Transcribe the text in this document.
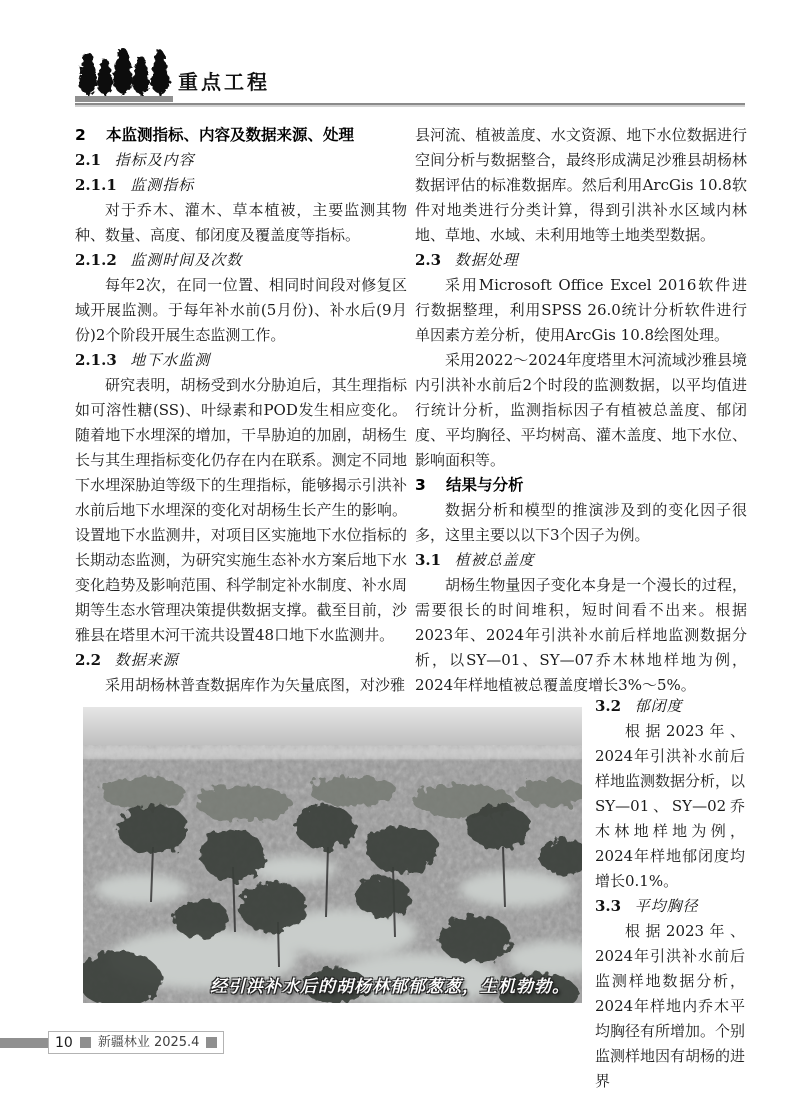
重点工程
2 本监测指标、内容及数据来源、处理
2.1 指标及内容
2.1.1 监测指标

对于乔木、灌木、草本植被，主要监测其物种、数量、高度、郁闭度及覆盖度等指标。

2.1.2 监测时间及次数

每年2次，在同一位置、相同时间段对修复区域开展监测。于每年补水前(5月份)、补水后(9月份)2个阶段开展生态监测工作。

2.1.3 地下水监测

研究表明，胡杨受到水分胁迫后，其生理指标如可溶性糖(SS)、叶绿素和POD发生相应变化。随着地下水埋深的增加，干旱胁迫的加剧，胡杨生长与其生理指标变化仍存在内在联系。测定不同地下水埋深胁迫等级下的生理指标，能够揭示引洪补水前后地下水埋深的变化对胡杨生长产生的影响。设置地下水监测井，对项目区实施地下水位指标的长期动态监测，为研究实施生态补水方案后地下水变化趋势及影响范围、科学制定补水制度、补水周期等生态水管理决策提供数据支撑。截至目前，沙雅县在塔里木河干流共设置48口地下水监测井。

2.2 数据来源

采用胡杨林普查数据库作为矢量底图，对沙雅

县河流、植被盖度、水文资源、地下水位数据进行空间分析与数据整合，最终形成满足沙雅县胡杨林数据评估的标准数据库。然后利用ArcGis 10.8软件对地类进行分类计算，得到引洪补水区域内林地、草地、水域、未利用地等土地类型数据。

2.3 数据处理

采用Microsoft Office Excel 2016软件进行数据整理，利用SPSS 26.0统计分析软件进行单因素方差分析，使用ArcGis 10.8绘图处理。

采用2022～2024年度塔里木河流域沙雅县境内引洪补水前后2个时段的监测数据，以平均值进行统计分析，监测指标因子有植被总盖度、郁闭度、平均胸径、平均树高、灌木盖度、地下水位、影响面积等。

3 结果与分析

数据分析和模型的推演涉及到的变化因子很多，这里主要以以下3个因子为例。

3.1 植被总盖度

胡杨生物量因子变化本身是一个漫长的过程，需要很长的时间堆积，短时间看不出来。根据2023年、2024年引洪补水前后样地监测数据分析，以SY—01、SY—07乔木林地样地为例，2024年样地植被总覆盖度增长3%～5%。

3.2 郁闭度

根据2023年、2024年引洪补水前后样地监测数据分析，以SY—01、SY—02乔木林地样地为例，2024年样地郁闭度均增长0.1%。

3.3 平均胸径

根据2023年、2024年引洪补水前后监测样地数据分析，2024年样地内乔木平均胸径有所增加。个别监测样地因有胡杨的进界

经引洪补水后的胡杨林郁郁葱葱，生机勃勃。
10 新疆林业 2025.4
